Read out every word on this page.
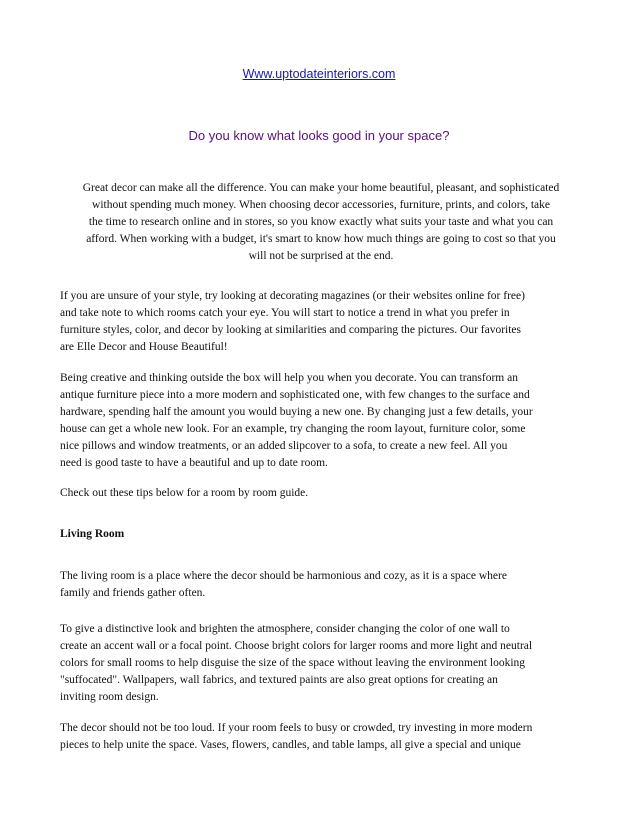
Www.uptodateinteriors.com
Do you know what looks good in your space?
Great decor can make all the difference. You can make your home beautiful, pleasant, and sophisticated
without spending much money. When choosing decor accessories, furniture, prints, and colors, take
the time to research online and in stores, so you know exactly what suits your taste and what you can
afford. When working with a budget, it's smart to know how much things are going to cost so that you
will not be surprised at the end.
If you are unsure of your style, try looking at decorating magazines (or their websites online for free)
and take note to which rooms catch your eye. You will start to notice a trend in what you prefer in
furniture styles, color, and decor by looking at similarities and comparing the pictures. Our favorites
are Elle Decor and House Beautiful!
Being creative and thinking outside the box will help you when you decorate. You can transform an
antique furniture piece into a more modern and sophisticated one, with few changes to the surface and
hardware, spending half the amount you would buying a new one. By changing just a few details, your
house can get a whole new look. For an example, try changing the room layout, furniture color, some
nice pillows and window treatments, or an added slipcover to a sofa, to create a new feel. All you
need is good taste to have a beautiful and up to date room.
Check out these tips below for a room by room guide.
Living Room
The living room is a place where the decor should be harmonious and cozy, as it is a space where
family and friends gather often.
To give a distinctive look and brighten the atmosphere, consider changing the color of one wall to
create an accent wall or a focal point. Choose bright colors for larger rooms and more light and neutral
colors for small rooms to help disguise the size of the space without leaving the environment looking
"suffocated". Wallpapers, wall fabrics, and textured paints are also great options for creating an
inviting room design.
The decor should not be too loud. If your room feels to busy or crowded, try investing in more modern
pieces to help unite the space. Vases, flowers, candles, and table lamps, all give a special and unique
